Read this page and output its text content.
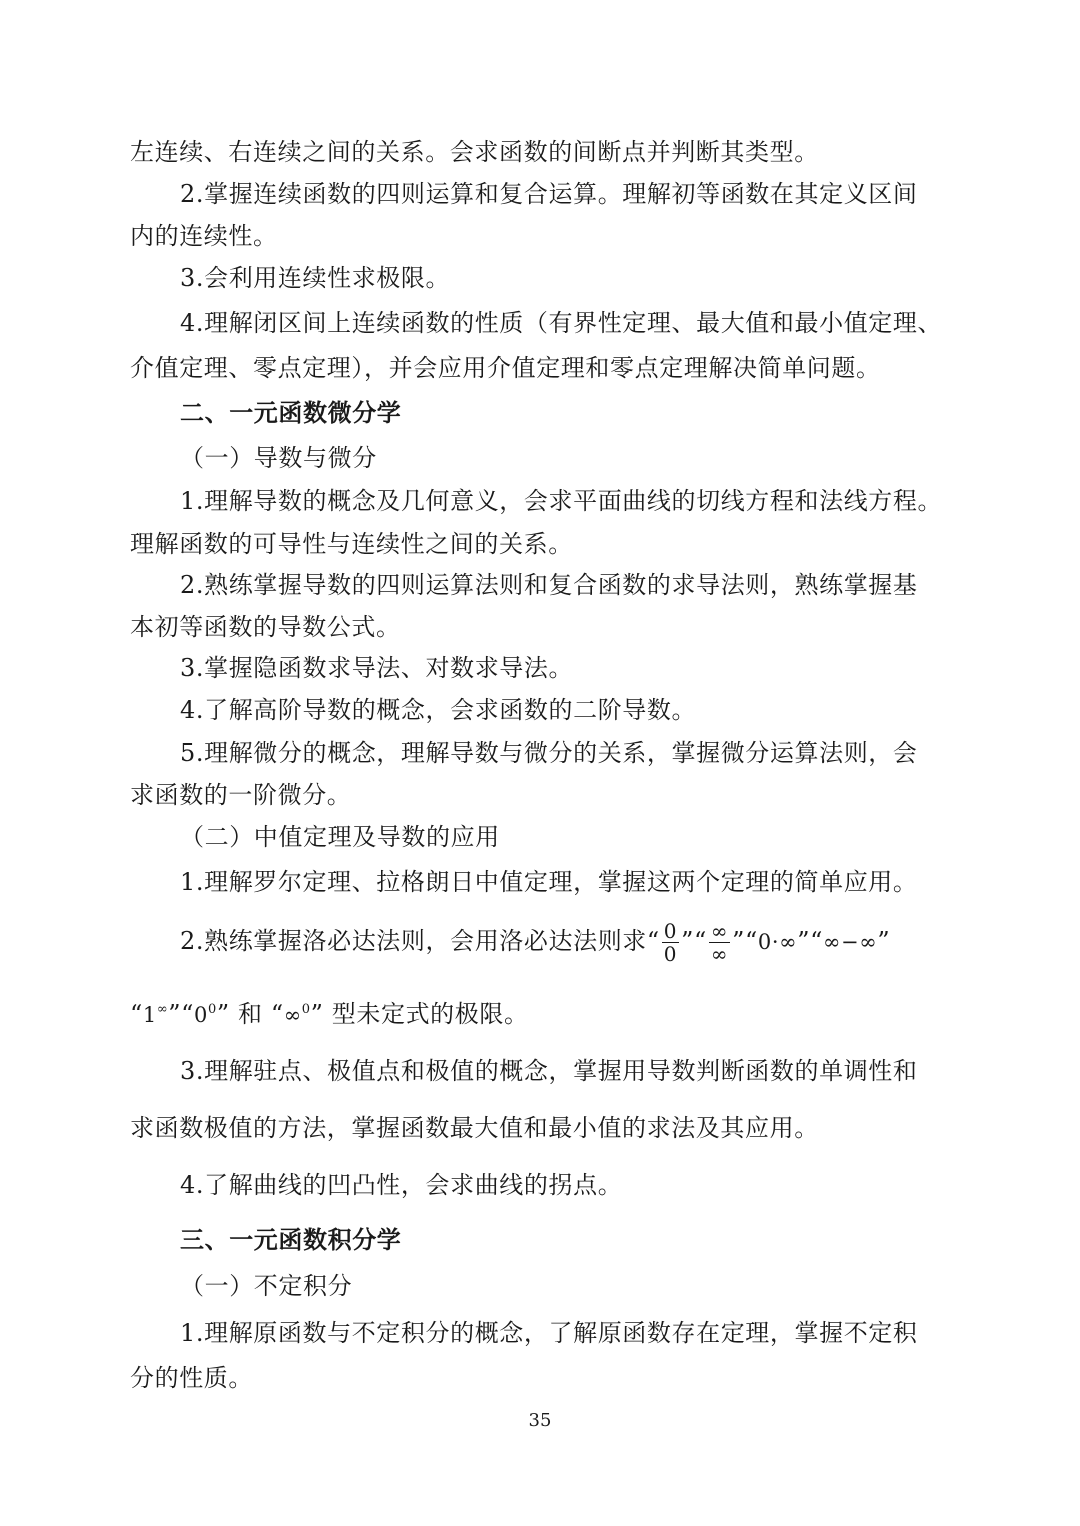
左连续、右连续之间的关系。会求函数的间断点并判断其类型。
2.掌握连续函数的四则运算和复合运算。理解初等函数在其定义区间
内的连续性。
3.会利用连续性求极限。
4.理解闭区间上连续函数的性质（有界性定理、最大值和最小值定理、
介值定理、零点定理），并会应用介值定理和零点定理解决简单问题。
二、一元函数微分学
（一）导数与微分
1.理解导数的概念及几何意义，会求平面曲线的切线方程和法线方程。
理解函数的可导性与连续性之间的关系。
2.熟练掌握导数的四则运算法则和复合函数的求导法则，熟练掌握基
本初等函数的导数公式。
3.掌握隐函数求导法、对数求导法。
4.了解高阶导数的概念，会求函数的二阶导数。
5.理解微分的概念，理解导数与微分的关系，掌握微分运算法则，会
求函数的一阶微分。
（二）中值定理及导数的应用
1.理解罗尔定理、拉格朗日中值定理，掌握这两个定理的简单应用。
2.熟练掌握洛必达法则，会用洛必达法则求“ $\frac{0}{0}$ ”“ $\frac{\infty}{\infty}$ ”“0·∞”“∞−∞”
“$1^\infty”“0^0$” 和 “∞$^0$” 型未定式的极限。
3.理解驻点、极值点和极值的概念，掌握用导数判断函数的单调性和
求函数极值的方法，掌握函数最大值和最小值的求法及其应用。
4.了解曲线的凹凸性，会求曲线的拐点。
三、一元函数积分学
（一）不定积分
1.理解原函数与不定积分的概念，了解原函数存在定理，掌握不定积
分的性质。
35
